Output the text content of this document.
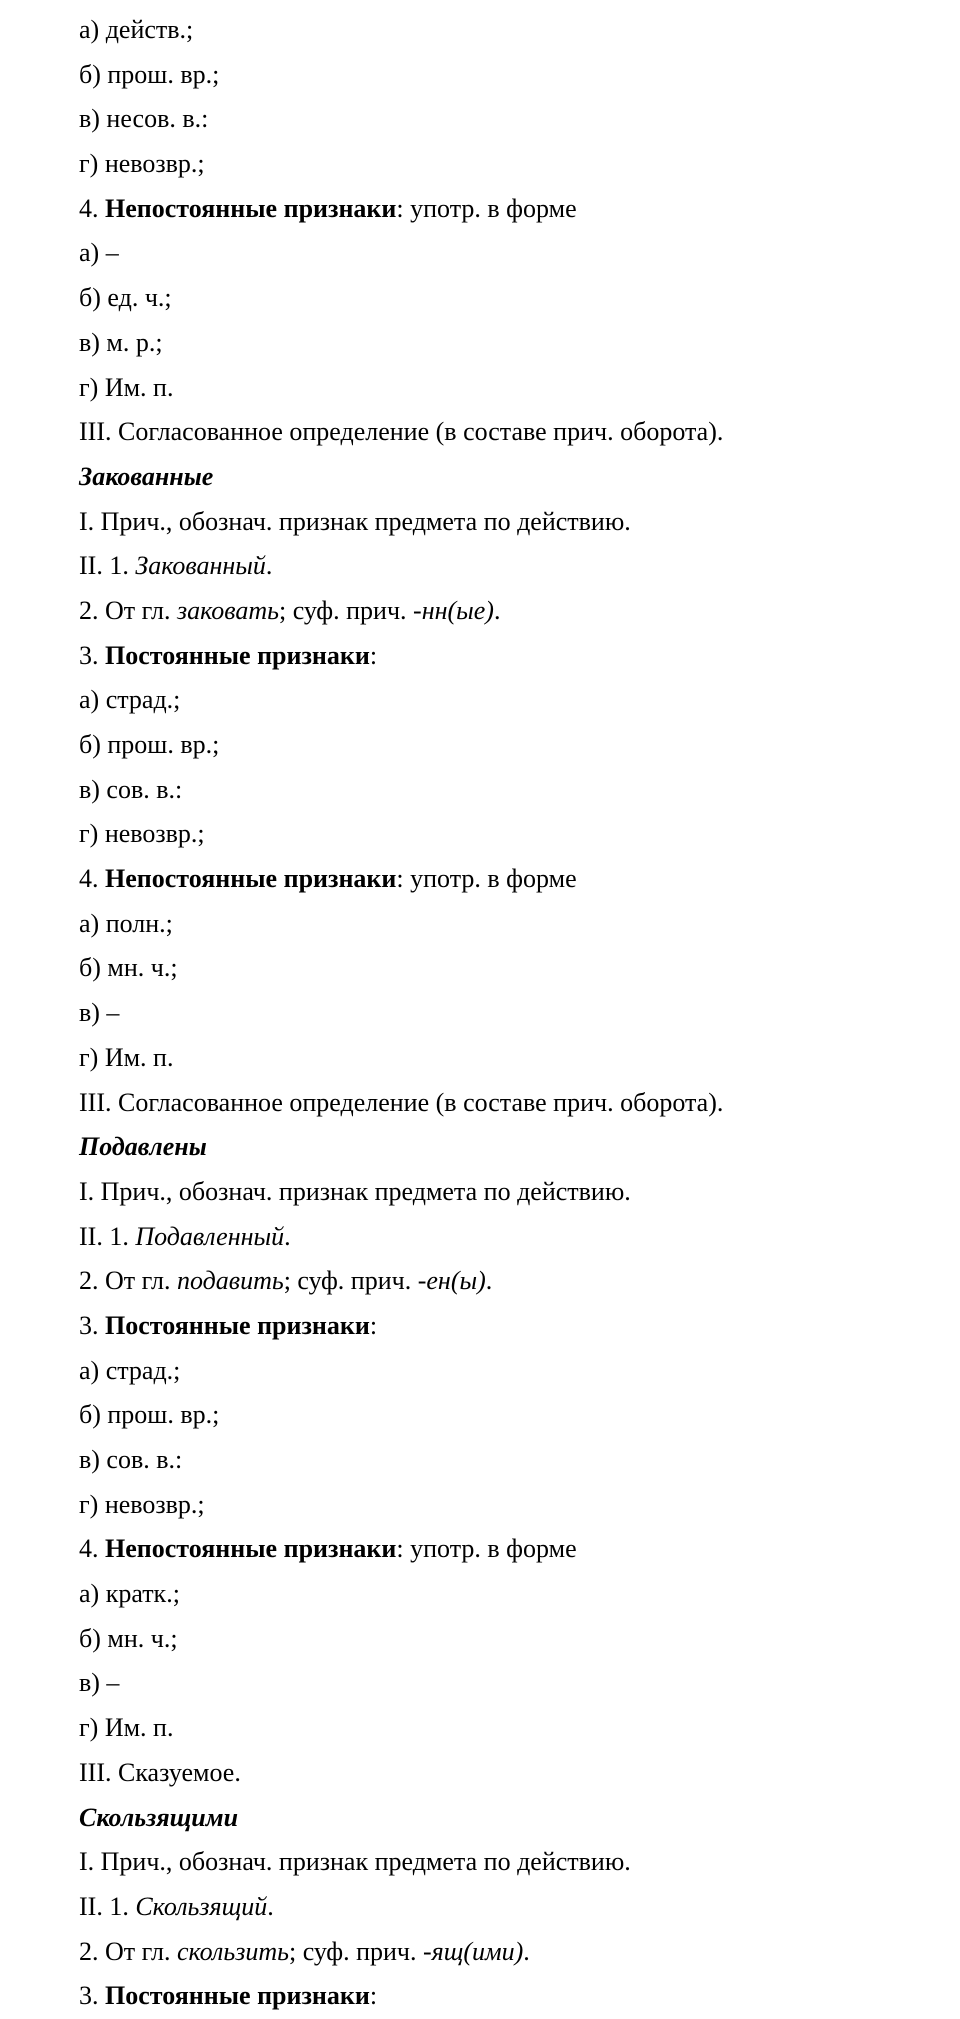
а) действ.;
б) прош. вр.;
в) несов. в.:
г) невозвр.;
4. Непостоянные признаки: употр. в форме
а) –
б) ед. ч.;
в) м. р.;
г) Им. п.
III. Согласованное определение (в составе прич. оборота).
Закованные
I. Прич., обознач. признак предмета по действию.
II. 1. Закованный.
2. От гл. заковать; суф. прич. -нн(ые).
3. Постоянные признаки:
а) страд.;
б) прош. вр.;
в) сов. в.:
г) невозвр.;
4. Непостоянные признаки: употр. в форме
а) полн.;
б) мн. ч.;
в) –
г) Им. п.
III. Согласованное определение (в составе прич. оборота).
Подавлены
I. Прич., обознач. признак предмета по действию.
II. 1. Подавленный.
2. От гл. подавить; суф. прич. -ен(ы).
3. Постоянные признаки:
а) страд.;
б) прош. вр.;
в) сов. в.:
г) невозвр.;
4. Непостоянные признаки: употр. в форме
а) кратк.;
б) мн. ч.;
в) –
г) Им. п.
III. Сказуемое.
Скользящими
I. Прич., обознач. признак предмета по действию.
II. 1. Скользящий.
2. От гл. скользить; суф. прич. -ящ(ими).
3. Постоянные признаки:
